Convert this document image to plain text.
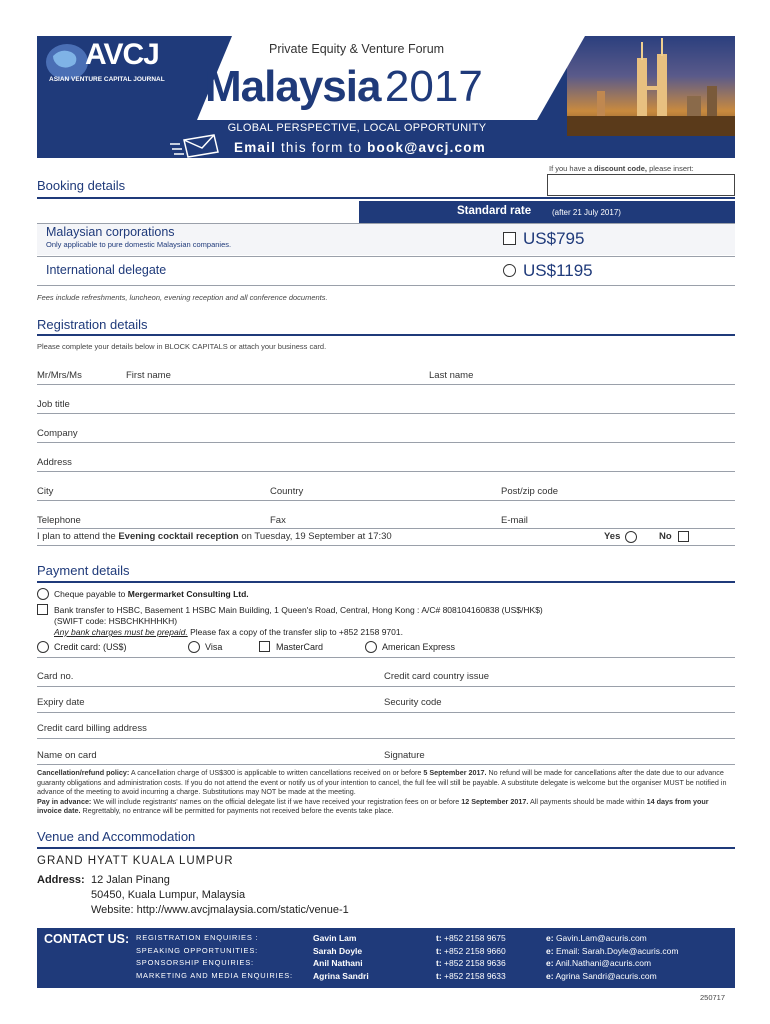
AVCJ
ASIAN VENTURE CAPITAL JOURNAL
Private Equity & Venture Forum
Malaysia 2017
GLOBAL PERSPECTIVE, LOCAL OPPORTUNITY
Email this form to book@avcj.com
If you have a discount code, please insert:
Booking details
Standard rate	(after 21 July 2017)
Malaysian corporations
Only applicable to pure domestic Malaysian companies.	US$795
International delegate	US$1195
Fees include refreshments, luncheon, evening reception and all conference documents.
Registration details
Please complete your details below in BLOCK CAPITALS or attach your business card.
Mr/Mrs/Ms	First name	Last name
Job title
Company
Address
City	Country	Post/zip code
Telephone	Fax	E-mail
I plan to attend the Evening cocktail reception on Tuesday, 19 September at 17:30	Yes	No
Payment details
Cheque payable to Mergermarket Consulting Ltd.
Bank transfer to HSBC, Basement 1 HSBC Main Building, 1 Queen's Road, Central, Hong Kong : A/C# 808104160838 (US$/HK$)
(SWIFT code: HSBCHKHHHKH)
Any bank charges must be prepaid. Please fax a copy of the transfer slip to +852 2158 9701.
Credit card: (US$)	Visa	MasterCard	American Express
Card no.	Credit card country issue
Expiry date	Security code
Credit card billing address
Name on card	Signature
Cancellation/refund policy: A cancellation charge of US$300 is applicable to written cancellations received on or before 5 September 2017. No refund will be made for cancellations after the date due to our advance guaranty obligations and administration costs. If you do not attend the event or notify us of your intention to cancel, the full fee will still be payable. A substitute delegate is welcome but the organiser MUST be notified in advance of the meeting to avoid incurring a charge. Substitutions may NOT be made at the meeting.
Pay in advance: We will include registrants' names on the official delegate list if we have received your registration fees on or before 12 September 2017. All payments should be made within 14 days from your invoice date. Regrettably, no entrance will be permitted for payments not received before the events take place.
Venue and Accommodation
GRAND HYATT KUALA LUMPUR
Address: 12 Jalan Pinang
50450, Kuala Lumpur, Malaysia
Website: http://www.avcjmalaysia.com/static/venue-1
CONTACT US: REGISTRATION ENQUIRIES :	Gavin Lam	t: +852 2158 9675	e: Gavin.Lam@acuris.com
SPEAKING OPPORTUNITIES:	Sarah Doyle	t: +852 2158 9660	e: Email: Sarah.Doyle@acuris.com
SPONSORSHIP ENQUIRIES:	Anil Nathani	t: +852 2158 9636	e: Anil.Nathani@acuris.com
MARKETING AND MEDIA ENQUIRIES: Agrina Sandri	t: +852 2158 9633	e: Agrina Sandri@acuris.com
250717
